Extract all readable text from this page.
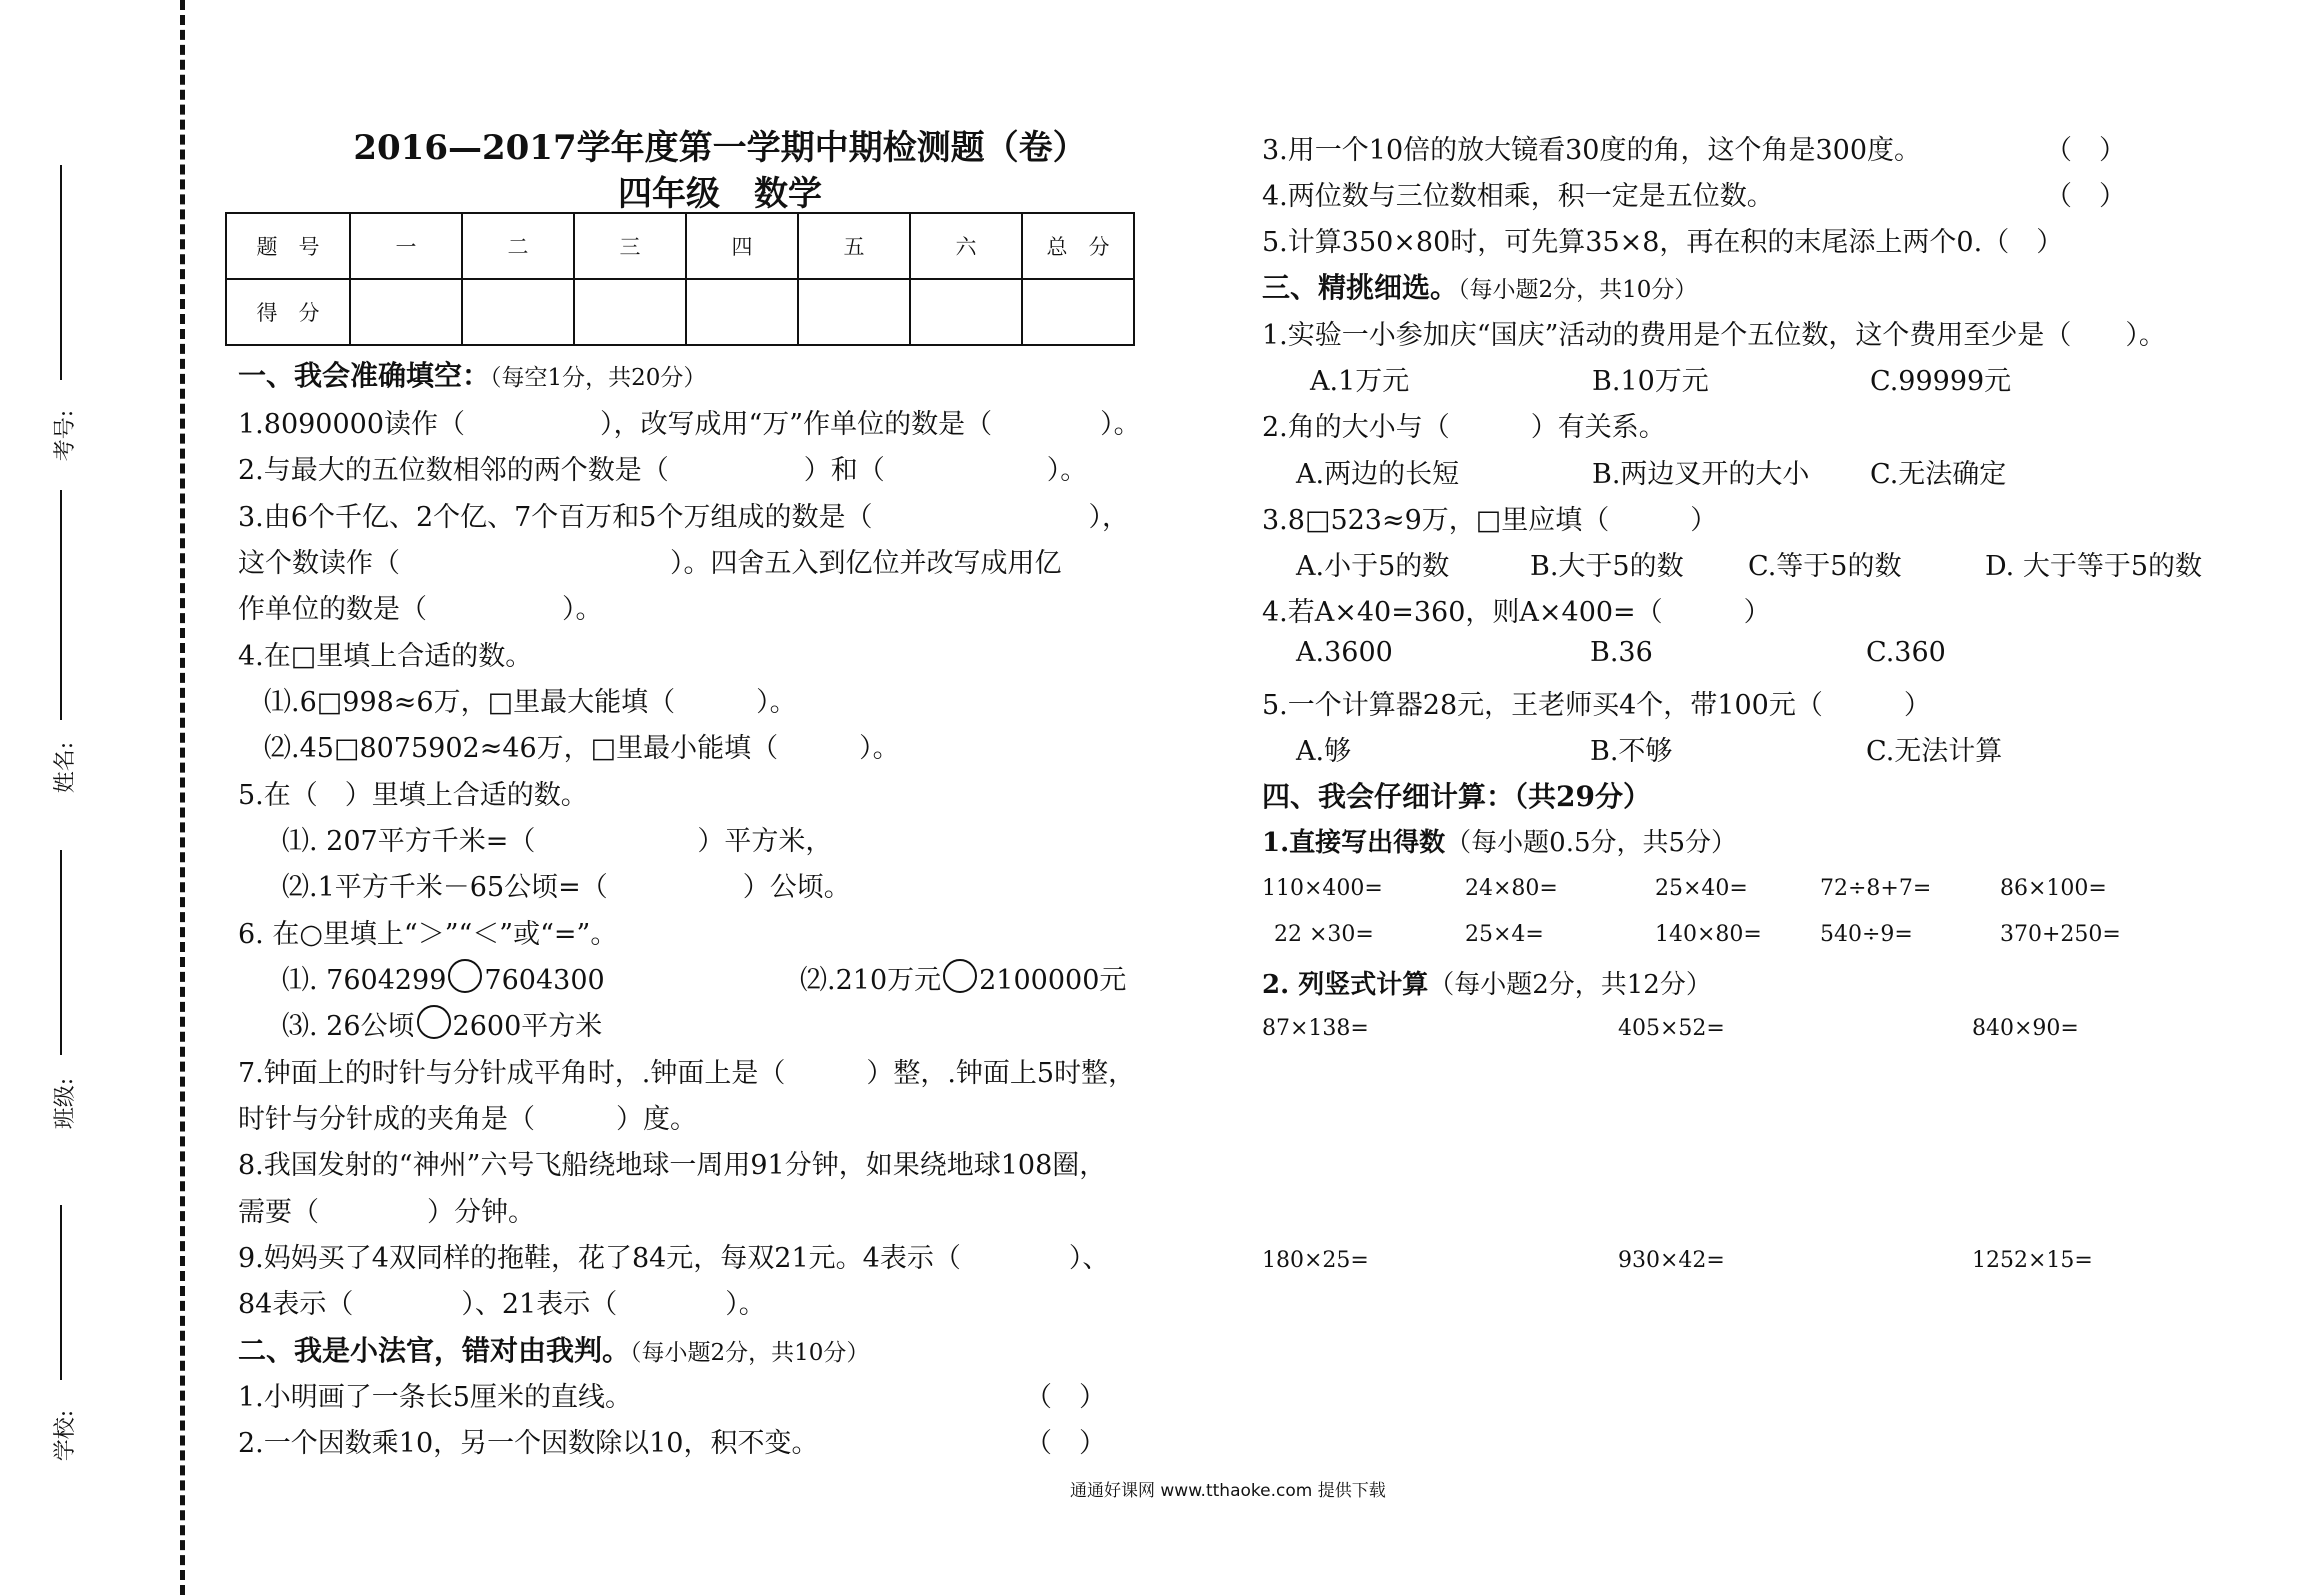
考号:
姓名:
班级:
学校:
2016—2017学年度第一学期中期检测题（卷）
四年级　数学
题　号	一	二	三	四	五	六	总　分
得　分							
一、我会准确填空：（每空1分，共20分）
1.8090000读作（　　　　　），改写成用“万”作单位的数是（　　　　）。
2.与最大的五位数相邻的两个数是（　　　　　）和（　　　　　　）。
3.由6个千亿、2个亿、7个百万和5个万组成的数是（　　　　　　　　），
这个数读作（　　　　　　　　　　）。四舍五入到亿位并改写成用亿
作单位的数是（　　　　　）。
4.在□里填上合适的数。
⑴.6□998≈6万，□里最大能填（　　　）。
⑵.45□8075902≈46万，□里最小能填（　　　）。
5.在（　）里填上合适的数。
⑴. 207平方千米=（　　　　　　）平方米，
⑵.1平方千米－65公顷=（　　　　　）公顷。
6. 在○里填上“＞”“＜”或“=”。
⑴. 7604299 7604300	⑵.210万元 2100000元
⑶. 26公顷 2600平方米
7.钟面上的时针与分针成平角时，.钟面上是（　　　）整，.钟面上5时整，
时针与分针成的夹角是（　　　）度。
8.我国发射的“神州”六号飞船绕地球一周用91分钟，如果绕地球108圈，
需要（　　　　）分钟。
9.妈妈买了4双同样的拖鞋，花了84元，每双21元。4表示（　　　　）、
84表示（　　　　）、21表示（　　　　）。
二、我是小法官，错对由我判。（每小题2分，共10分）
1.小明画了一条长5厘米的直线。	（　）
2.一个因数乘10，另一个因数除以10，积不变。	（　）
3.用一个10倍的放大镜看30度的角，这个角是300度。	（　）
4.两位数与三位数相乘，积一定是五位数。	（　）
5.计算350×80时，可先算35×8，再在积的末尾添上两个0.（　）
三、精挑细选。（每小题2分，共10分）
1.实验一小参加庆“国庆”活动的费用是个五位数，这个费用至少是（　　）。
A.1万元	B.10万元	C.99999元
2.角的大小与（　　　）有关系。
A.两边的长短	B.两边叉开的大小 C.无法确定
3.8□523≈9万，□里应填（　　　）
A.小于5的数	B.大于5的数 C.等于5的数	D. 大于等于5的数
4.若A×40=360，则A×400=（　　　）
A.3600	B.36	C.360
5.一个计算器28元，王老师买4个，带100元（　　　）
A.够	B.不够	C.无法计算
四、我会仔细计算：（共29分）
1.直接写出得数（每小题0.5分，共5分）
110×400=	24×80=	25×40=	72÷8+7=	86×100=
22 ×30=	25×4=	140×80=	540÷9=	370+250=
2. 列竖式计算（每小题2分，共12分）
87×138=	405×52=	840×90=
180×25=	930×42=	1252×15=
通通好课网 www.tthaoke.com 提供下载
